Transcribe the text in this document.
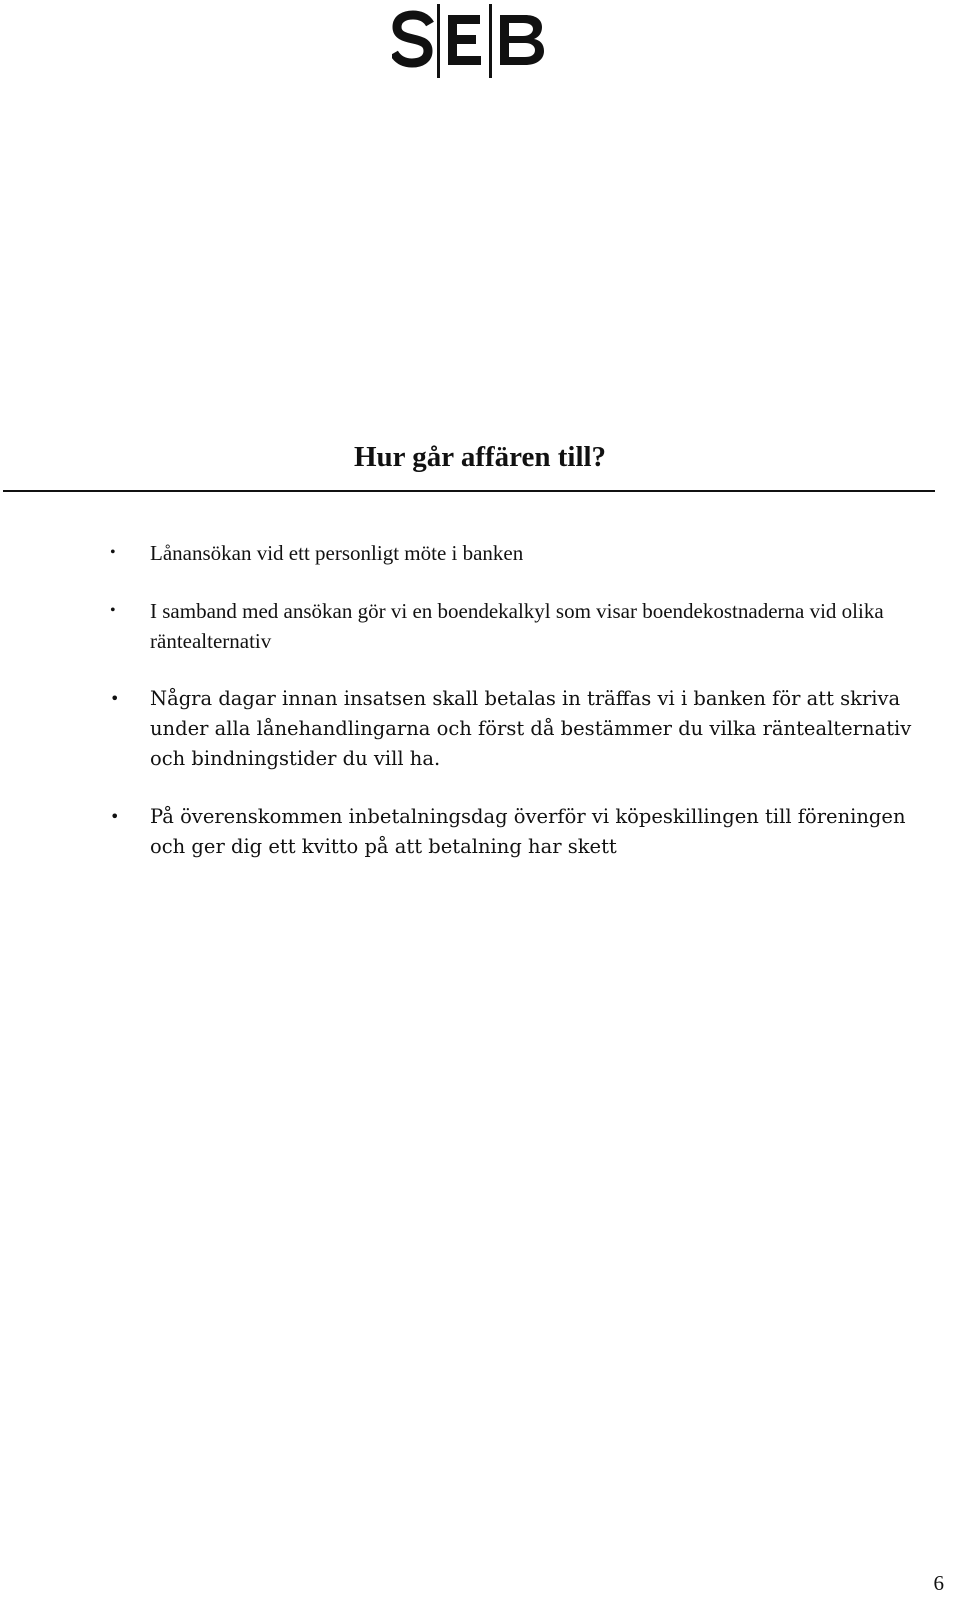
Hur går affären till?
• Lånansökan vid ett personligt möte i banken
• I samband med ansökan gör vi en boendekalkyl som visar boendekostnaderna vid olika räntealternativ
• Några dagar innan insatsen skall betalas in träffas vi i banken för att skriva under alla lånehandlingarna och först då bestämmer du vilka räntealternativ och bindningstider du vill ha.
• På överenskommen inbetalningsdag överför vi köpeskillingen till föreningen och ger dig ett kvitto på att betalning har skett
6
